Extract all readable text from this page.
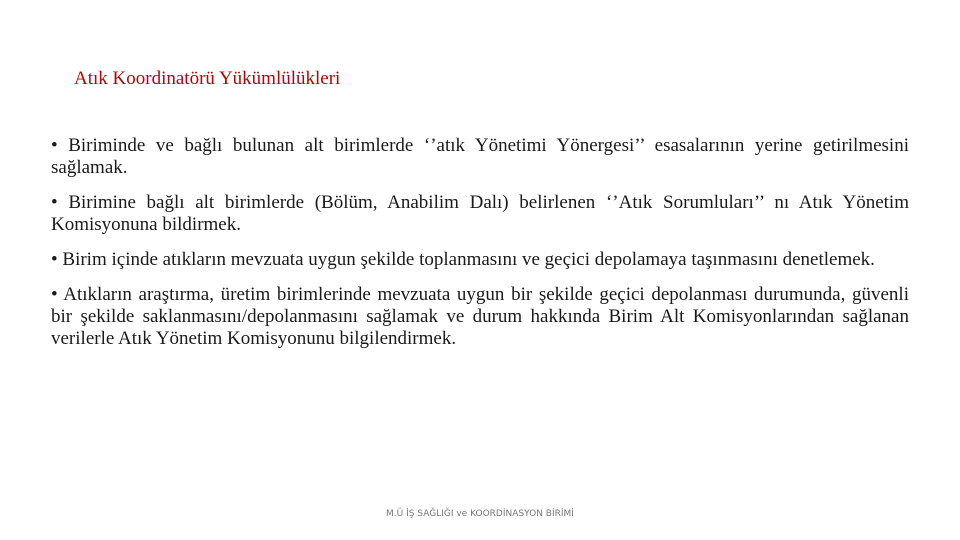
Atık Koordinatörü Yükümlülükleri

• Biriminde ve bağlı bulunan alt birimlerde ‘’atık Yönetimi Yönergesi’’ esasalarının yerine getirilmesini sağlamak.

• Birimine bağlı alt birimlerde (Bölüm, Anabilim Dalı) belirlenen ‘’Atık Sorumluları’’ nı Atık Yönetim Komisyonuna bildirmek.

• Birim içinde atıkların mevzuata uygun şekilde toplanmasını ve geçici depolamaya taşınmasını denetlemek.

• Atıkların araştırma, üretim birimlerinde mevzuata uygun bir şekilde geçici depolanması durumunda, güvenli bir şekilde saklanmasını/depolanmasını sağlamak ve durum hakkında Birim Alt Komisyonlarından sağlanan verilerle Atık Yönetim Komisyonunu bilgilendirmek.

M.Ü İŞ SAĞLIĞI ve KOORDİNASYON BİRİMİ
